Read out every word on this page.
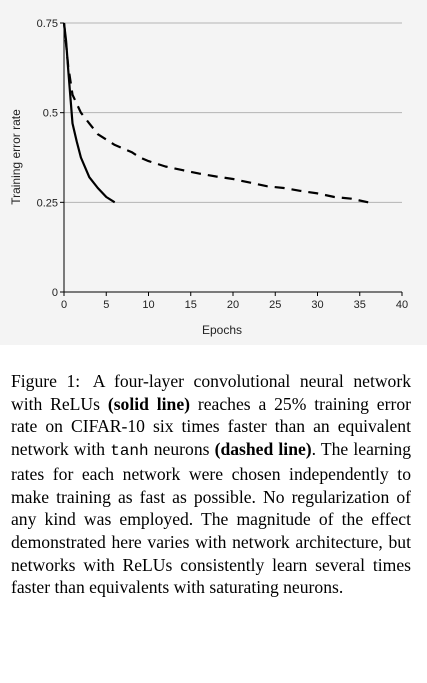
0
0.25
0.5
0.75
0	5	10	15	20	25	30	35	40
Epochs
Training error rate
Figure 1: A four-layer convolutional neural network with ReLUs (solid line) reaches a 25% training error rate on CIFAR-10 six times faster than an equivalent network with tanh neurons (dashed line). The learning rates for each network were chosen independently to make training as fast as possible. No regularization of any kind was employed. The magnitude of the effect demonstrated here varies with network architecture, but networks with ReLUs consistently learn several times faster than equivalents with saturating neurons.
